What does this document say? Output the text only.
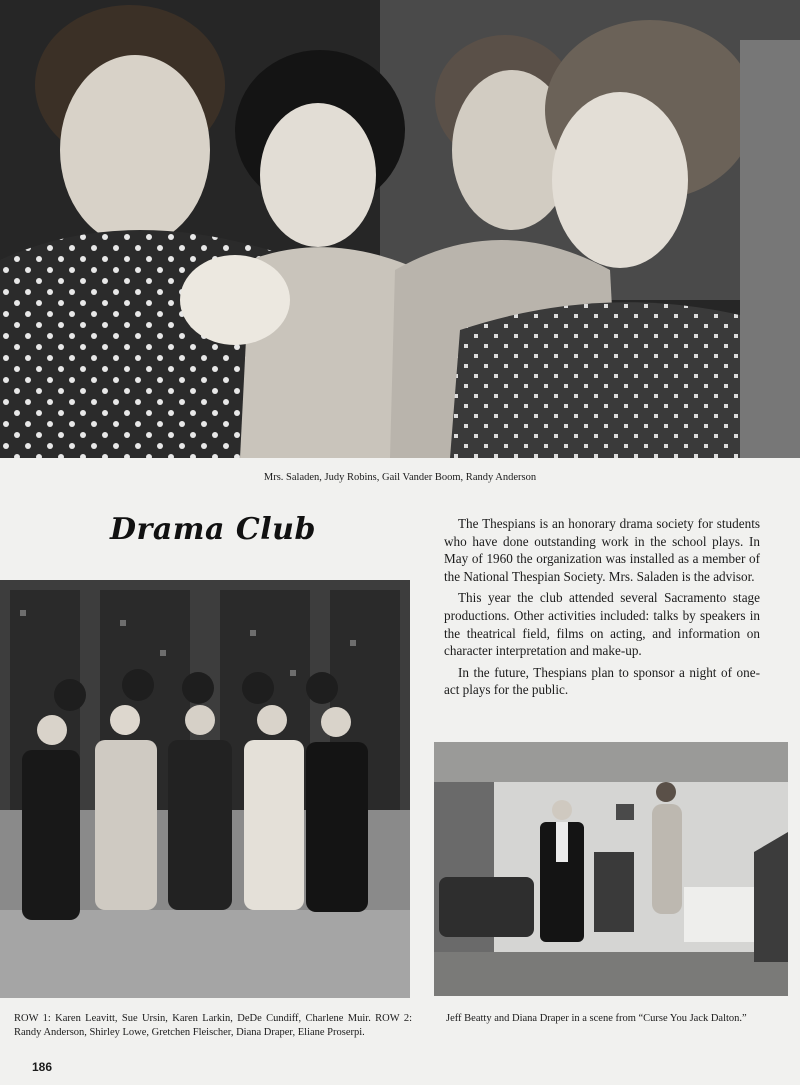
Mrs. Saladen, Judy Robins, Gail Vander Boom, Randy Anderson
Drama Club	The Thespians is an honorary drama society for students who have done outstanding work in the school plays. In May of 1960 the organization was installed as a member of the National Thespian Society. Mrs. Saladen is the advisor.

This year the club attended several Sacramento stage productions. Other activities included: talks by speakers in the theatrical field, films on acting, and information on character interpretation and make-up.

In the future, Thespians plan to sponsor a night of one-act plays for the public.

ROW 1: Karen Leavitt, Sue Ursin, Karen Larkin, DeDe Cundiff, Charlene Muir. ROW 2: Randy Anderson, Shirley Lowe, Gretchen Fleischer, Diana Draper, Eliane Proserpi.
Jeff Beatty and Diana Draper in a scene from “Curse You Jack Dalton.”
186
